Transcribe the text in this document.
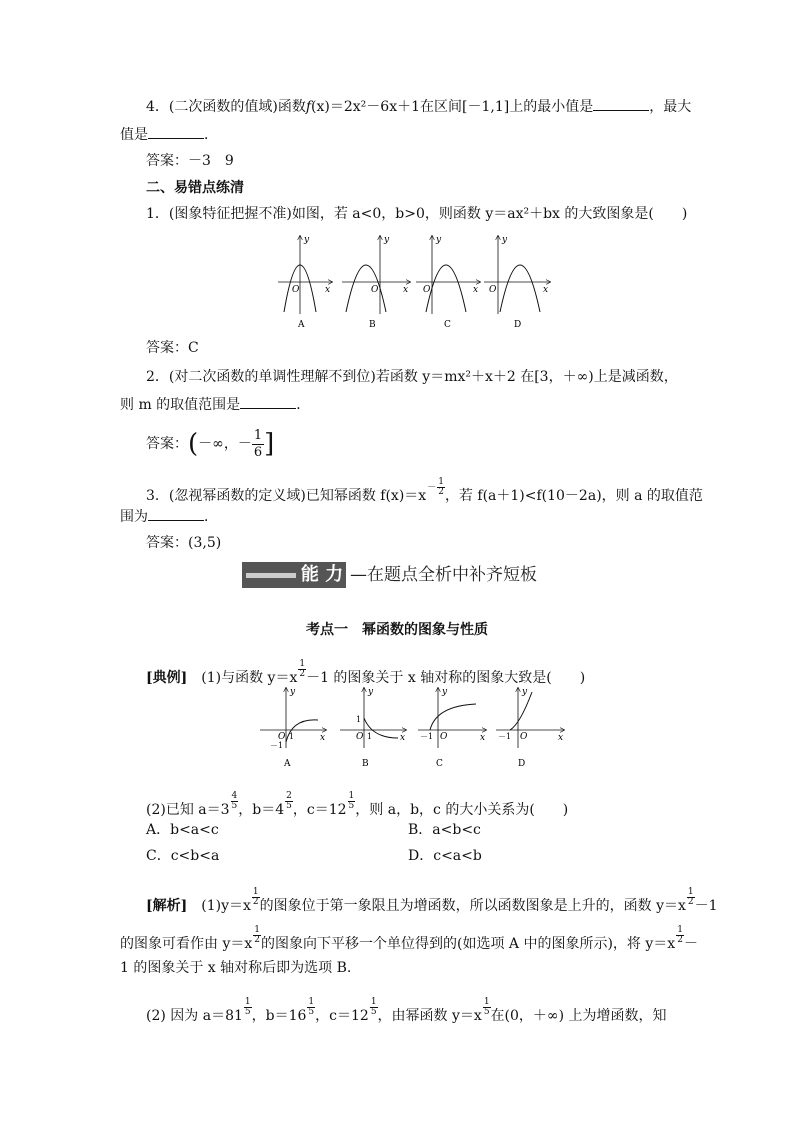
4．(二次函数的值域)函数f(x)＝2x²－6x＋1在区间[－1,1]上的最小值是	，最大
值是	．
答案：－3　9
二、易错点练清
1．(图象特征把握不准)如图，若 a<0，b>0，则函数 y＝ax²＋bx 的大致图象是(　　)
y
x
O
A
y
x
O
B
y
x
O
C
y
x
O
D
答案：C
2．(对二次函数的单调性理解不到位)若函数 y＝mx²＋x＋2 在[3，＋∞)上是减函数，
则 m 的取值范围是	．
答案：(－∞，－ $\frac{1}{6}$ ]
3．(忽视幂函数的定义域)已知幂函数 $f(x)=x- \frac{1}{2}$ ，若 f(a＋1)<f(10－2a)，则 a 的取值范
围为	．
答案：(3,5)
能 力 —在题点全析中补齐短板
考点一　幂函数的图象与性质
[典例]　 (1)与函数 $y=x \frac{1}{2} -1$ 的图象关于 x 轴对称的图象大致是(　　)
y
x
O 1
－1
A
y
x
O
1
1
B
y
x
O
－1
C
y
x
O
－1
D
(2)已知 $a=3 \frac{4}{5}$ ，$b=4 \frac{2}{5}$ ，$c=12 \frac{1}{5}$ ，则 a，b，c 的大小关系为(　　)
A．b<a<c	B．a<b<c
C．c<b<a	D．c<a<b
[解析]　 $(1)y=x \frac{1}{2}$ 的图象位于第一象限且为增函数，所以函数图象是上升的，函数 $y=x \frac{1}{2} -1$
的图象可看作由 $y=x \frac{1}{2}$ 的图象向下平移一个单位得到的(如选项 A 中的图象所示)，将 $y=x \frac{1}{2}$ －
1 的图象关于 x 轴对称后即为选项 B.
(2) 因为 $a=81 \frac{1}{5}$ ，$b=16 \frac{1}{5}$ ，$c=12 \frac{1}{5}$ ，由幂函数 $y=x \frac{1}{5}$ 在(0，＋∞) 上为增函数，知
